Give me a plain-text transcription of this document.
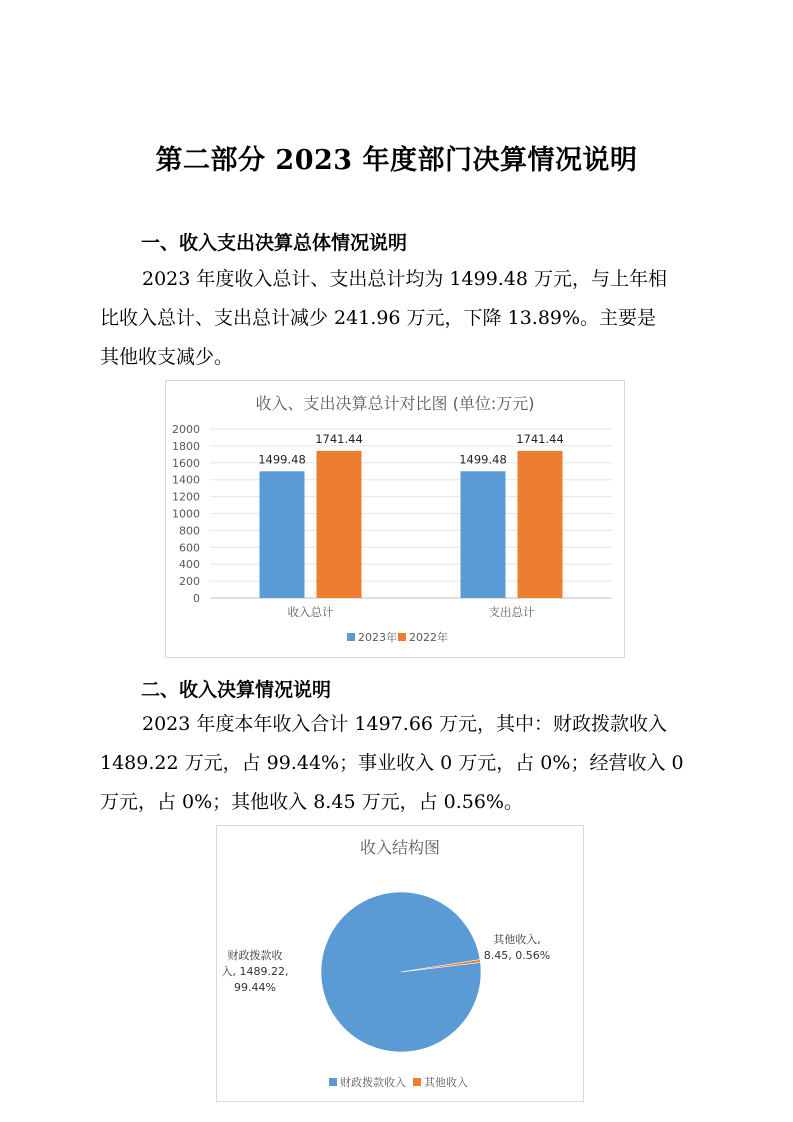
第二部分 2023 年度部门决算情况说明
一、收入支出决算总体情况说明
2023 年度收入总计、支出总计均为 1499.48 万元，与上年相
比收入总计、支出总计减少 241.96 万元，下降 13.89%。主要是
其他收支减少。
收入、支出决算总计对比图 (单位:万元)
0
200
400
600
800
1000
1200
1400
1600
1800
2000
1499.48
1741.44
收入总计
1499.48
1741.44
支出总计
2023年 2022年
二、收入决算情况说明
2023 年度本年收入合计 1497.66 万元，其中：财政拨款收入
1489.22 万元，占 99.44%；事业收入 0 万元，占 0%；经营收入 0
万元，占 0%；其他收入 8.45 万元，占 0.56%。
收入结构图
财政拨款收
入, 1489.22,
99.44%
其他收入,
8.45, 0.56%
财政拨款收入 其他收入
